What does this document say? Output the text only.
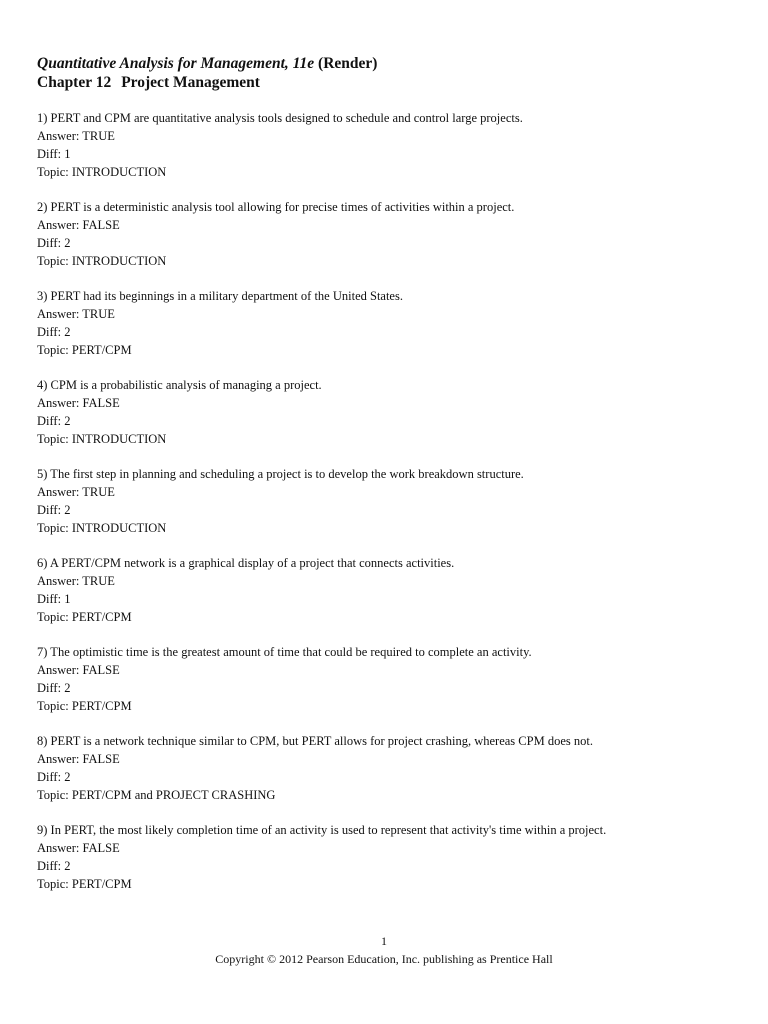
Quantitative Analysis for Management, 11e (Render)

Chapter 12 Project Management

1) PERT and CPM are quantitative analysis tools designed to schedule and control large projects.
Answer: TRUE
Diff: 1
Topic: INTRODUCTION
2) PERT is a deterministic analysis tool allowing for precise times of activities within a project.
Answer: FALSE
Diff: 2
Topic: INTRODUCTION
3) PERT had its beginnings in a military department of the United States.
Answer: TRUE
Diff: 2
Topic: PERT/CPM
4) CPM is a probabilistic analysis of managing a project.
Answer: FALSE
Diff: 2
Topic: INTRODUCTION
5) The first step in planning and scheduling a project is to develop the work breakdown structure.
Answer: TRUE
Diff: 2
Topic: INTRODUCTION
6) A PERT/CPM network is a graphical display of a project that connects activities.
Answer: TRUE
Diff: 1
Topic: PERT/CPM
7) The optimistic time is the greatest amount of time that could be required to complete an activity.
Answer: FALSE
Diff: 2
Topic: PERT/CPM
8) PERT is a network technique similar to CPM, but PERT allows for project crashing, whereas CPM does not.
Answer: FALSE
Diff: 2
Topic: PERT/CPM and PROJECT CRASHING
9) In PERT, the most likely completion time of an activity is used to represent that activity's time within a project.
Answer: FALSE
Diff: 2
Topic: PERT/CPM
1
Copyright © 2012 Pearson Education, Inc. publishing as Prentice Hall
